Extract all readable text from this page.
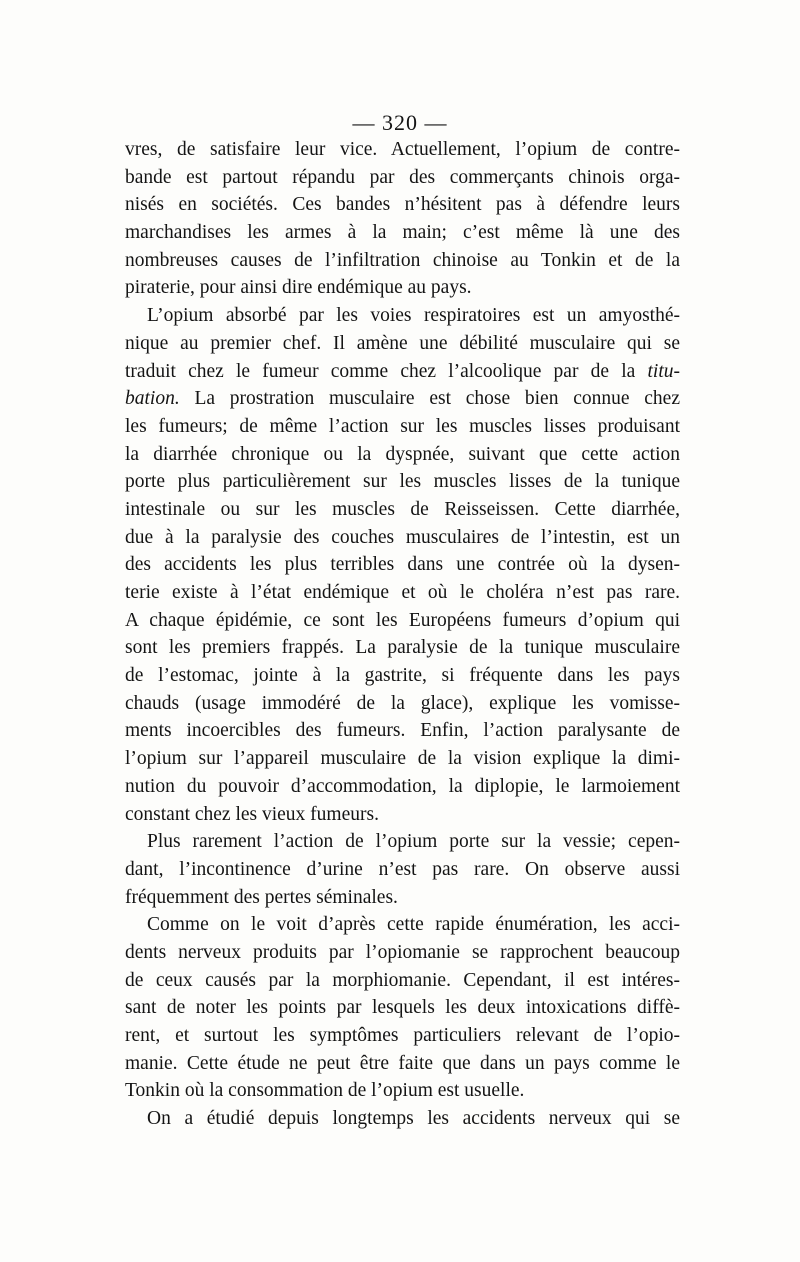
— 320 —
vres, de satisfaire leur vice. Actuellement, l’opium de contre-
bande est partout répandu par des commerçants chinois orga-
nisés en sociétés. Ces bandes n’hésitent pas à défendre leurs
marchandises les armes à la main; c’est même là une des
nombreuses causes de l’infiltration chinoise au Tonkin et de la
piraterie, pour ainsi dire endémique au pays.
L’opium absorbé par les voies respiratoires est un amyosthé-
nique au premier chef. Il amène une débilité musculaire qui se
traduit chez le fumeur comme chez l’alcoolique par de la titu-
bation. La prostration musculaire est chose bien connue chez
les fumeurs; de même l’action sur les muscles lisses produisant
la diarrhée chronique ou la dyspnée, suivant que cette action
porte plus particulièrement sur les muscles lisses de la tunique
intestinale ou sur les muscles de Reisseissen. Cette diarrhée,
due à la paralysie des couches musculaires de l’intestin, est un
des accidents les plus terribles dans une contrée où la dysen-
terie existe à l’état endémique et où le choléra n’est pas rare.
A chaque épidémie, ce sont les Européens fumeurs d’opium qui
sont les premiers frappés. La paralysie de la tunique musculaire
de l’estomac, jointe à la gastrite, si fréquente dans les pays
chauds (usage immodéré de la glace), explique les vomisse-
ments incoercibles des fumeurs. Enfin, l’action paralysante de
l’opium sur l’appareil musculaire de la vision explique la dimi-
nution du pouvoir d’accommodation, la diplopie, le larmoiement
constant chez les vieux fumeurs.
Plus rarement l’action de l’opium porte sur la vessie; cepen-
dant, l’incontinence d’urine n’est pas rare. On observe aussi
fréquemment des pertes séminales.
Comme on le voit d’après cette rapide énumération, les acci-
dents nerveux produits par l’opiomanie se rapprochent beaucoup
de ceux causés par la morphiomanie. Cependant, il est intéres-
sant de noter les points par lesquels les deux intoxications diffè-
rent, et surtout les symptômes particuliers relevant de l’opio-
manie. Cette étude ne peut être faite que dans un pays comme le
Tonkin où la consommation de l’opium est usuelle.
On a étudié depuis longtemps les accidents nerveux qui se
